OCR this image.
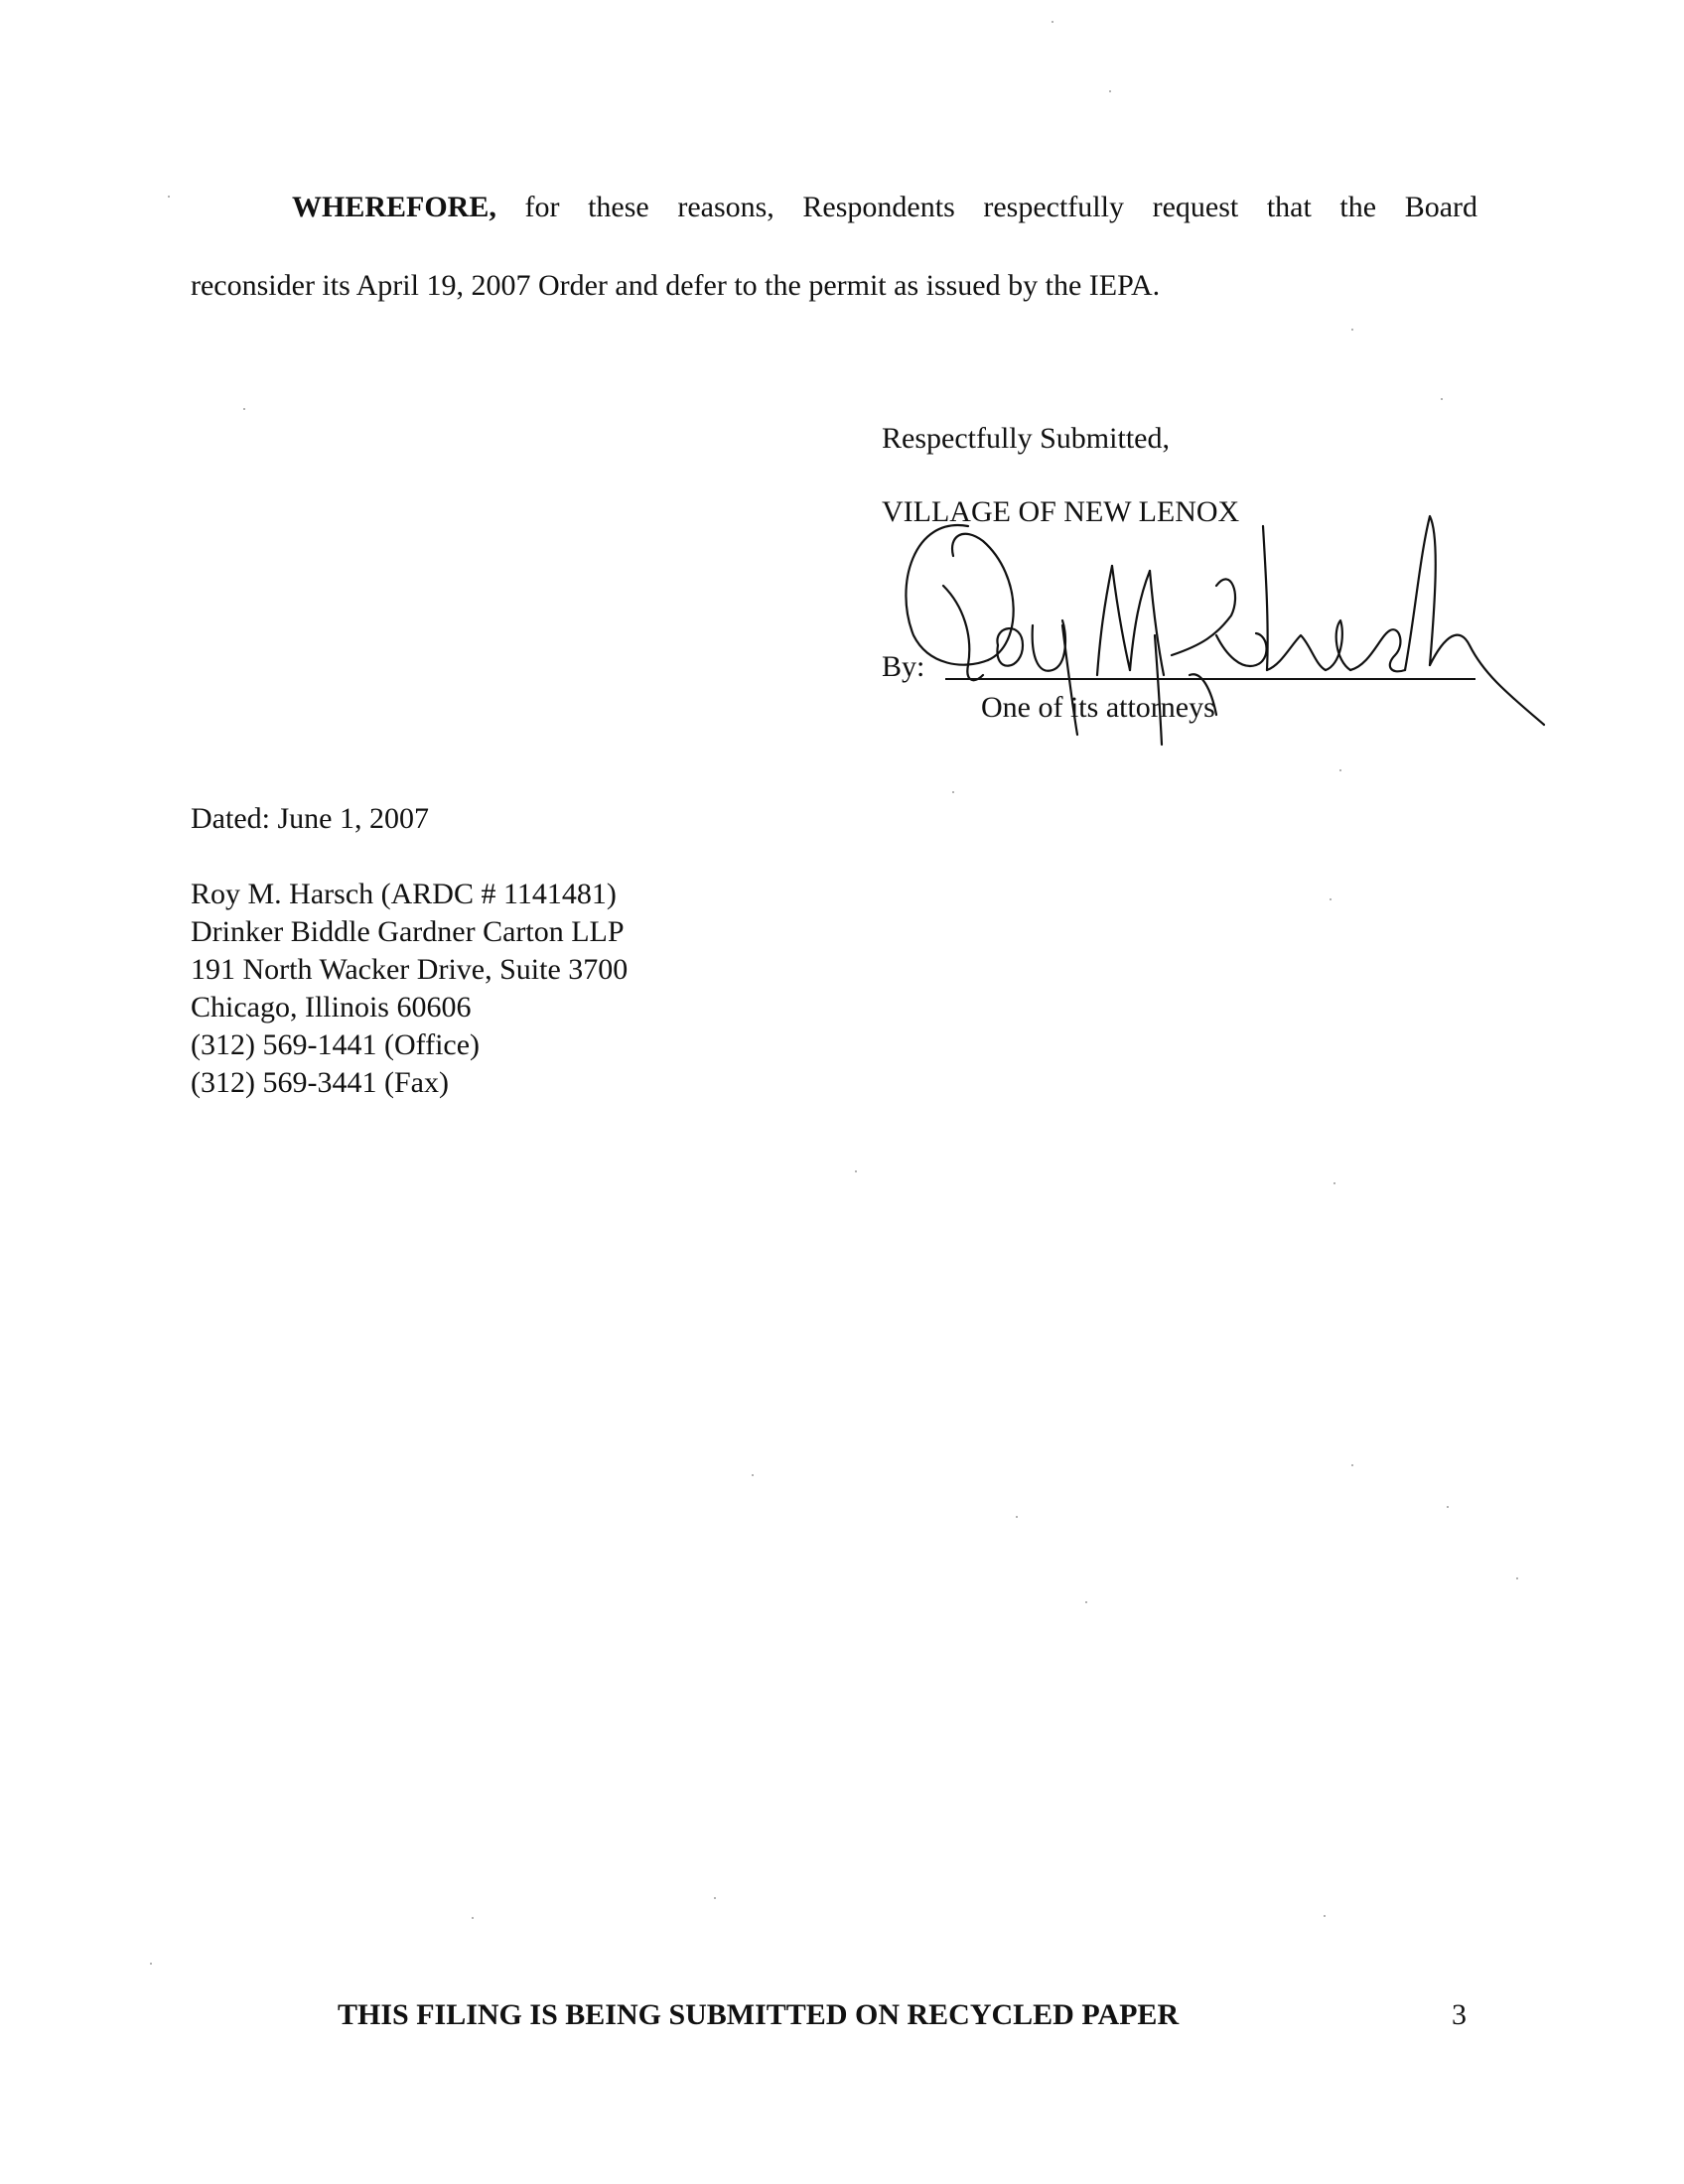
WHEREFORE, for these reasons, Respondents respectfully request that the Board
reconsider its April 19, 2007 Order and defer to the permit as issued by the IEPA.
Respectfully Submitted,
VILLAGE OF NEW LENOX
By:
One of its attorneys
Dated: June 1, 2007
Roy M. Harsch (ARDC # 1141481)
Drinker Biddle Gardner Carton LLP
191 North Wacker Drive, Suite 3700
Chicago, Illinois 60606
(312) 569-1441 (Office)
(312) 569-3441 (Fax)
THIS FILING IS BEING SUBMITTED ON RECYCLED PAPER	3
